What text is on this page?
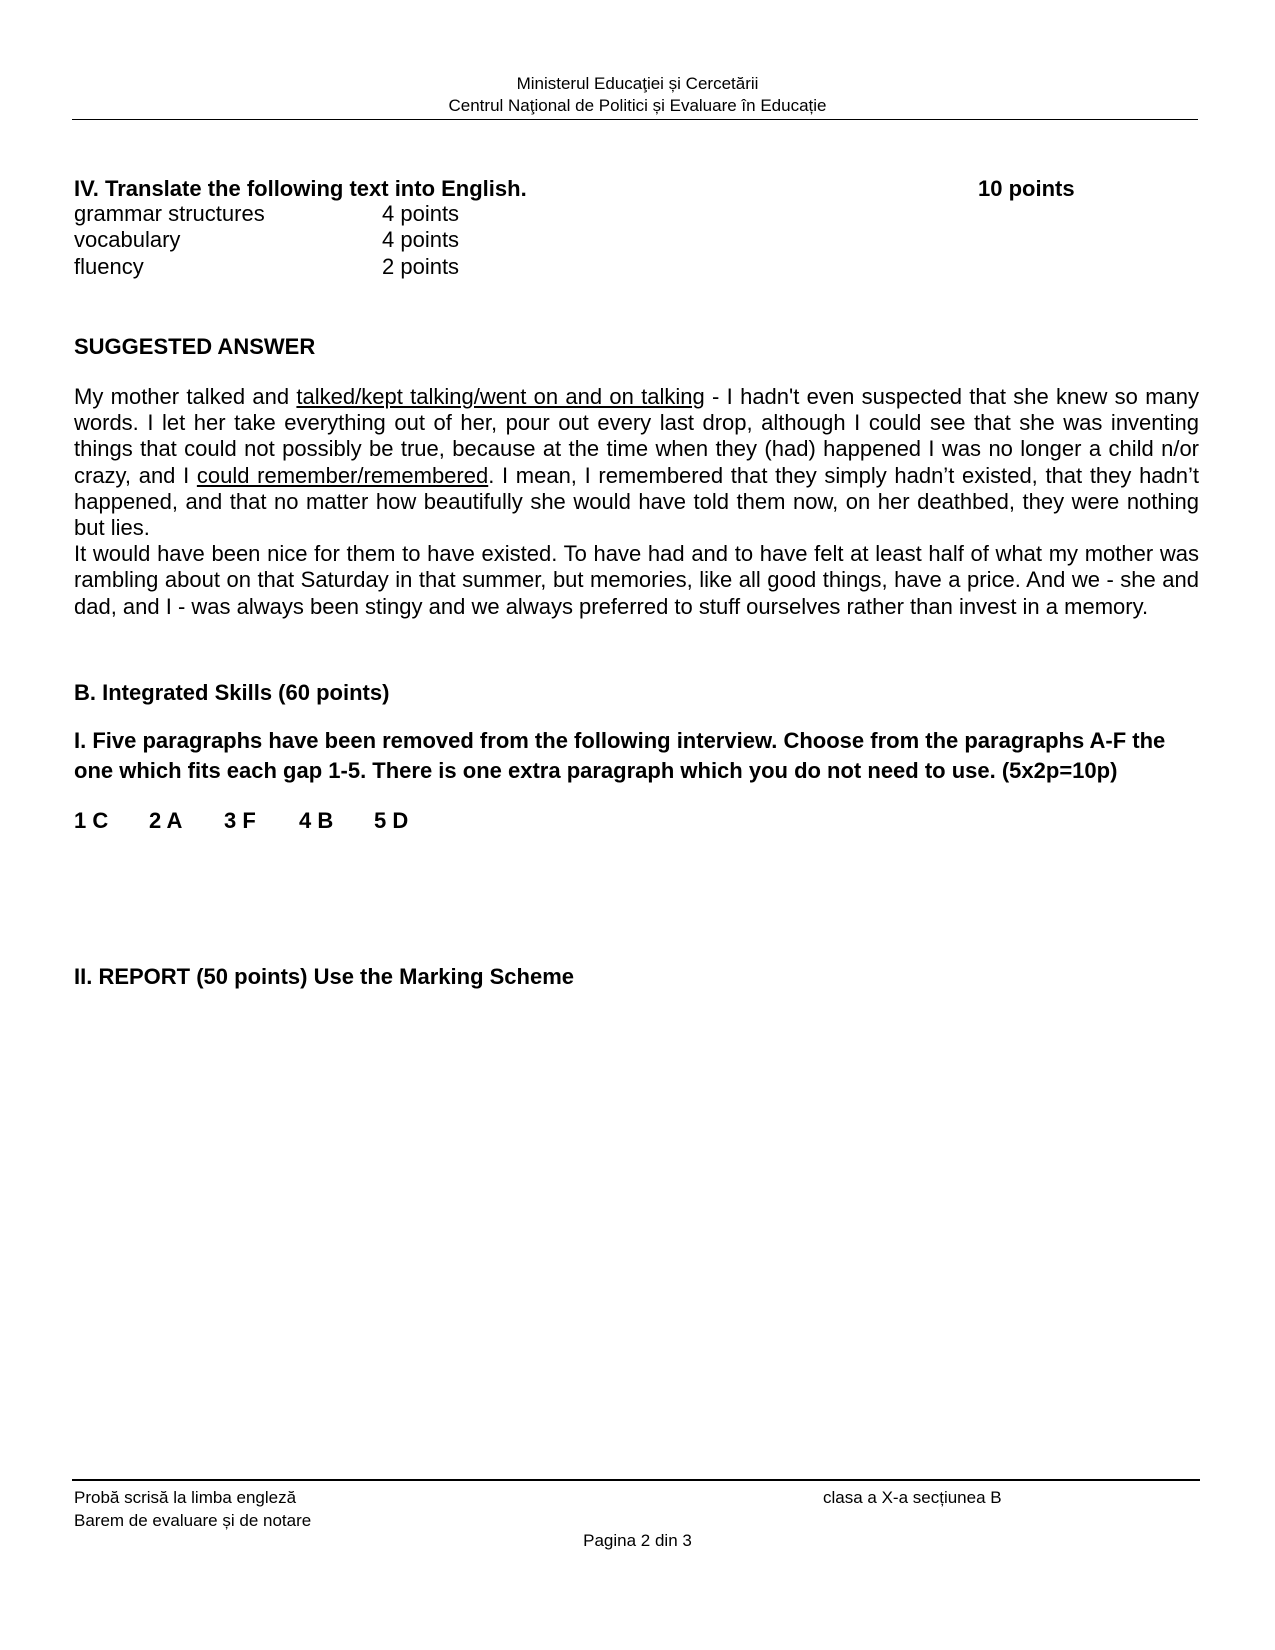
Ministerul Educaţiei și Cercetării
Centrul Naţional de Politici și Evaluare în Educație
IV. Translate the following text into English.	10 points
grammar structures	4 points
vocabulary	4 points
fluency	2 points
SUGGESTED ANSWER

My mother talked and talked/kept talking/went on and on talking - I hadn't even suspected that she knew so many words. I let her take everything out of her, pour out every last drop, although I could see that she was inventing things that could not possibly be true, because at the time when they (had) happened I was no longer a child n/or crazy, and I could remember/remembered. I mean, I remembered that they simply hadn’t existed, that they hadn’t happened, and that no matter how beautifully she would have told them now, on her deathbed, they were nothing but lies.

It would have been nice for them to have existed. To have had and to have felt at least half of what my mother was rambling about on that Saturday in that summer, but memories, like all good things, have a price. And we - she and dad, and I - was always been stingy and we always preferred to stuff ourselves rather than invest in a memory.

B. Integrated Skills (60 points)
I. Five paragraphs have been removed from the following interview. Choose from the paragraphs A-F the
one which fits each gap 1-5. There is one extra paragraph which you do not need to use. (5x2p=10p)
1 C 2 A 3 F 4 B 5 D
II. REPORT (50 points) Use the Marking Scheme
Probă scrisă la limba engleză
Barem de evaluare și de notare
clasa a X-a secțiunea B
Pagina 2 din 3
